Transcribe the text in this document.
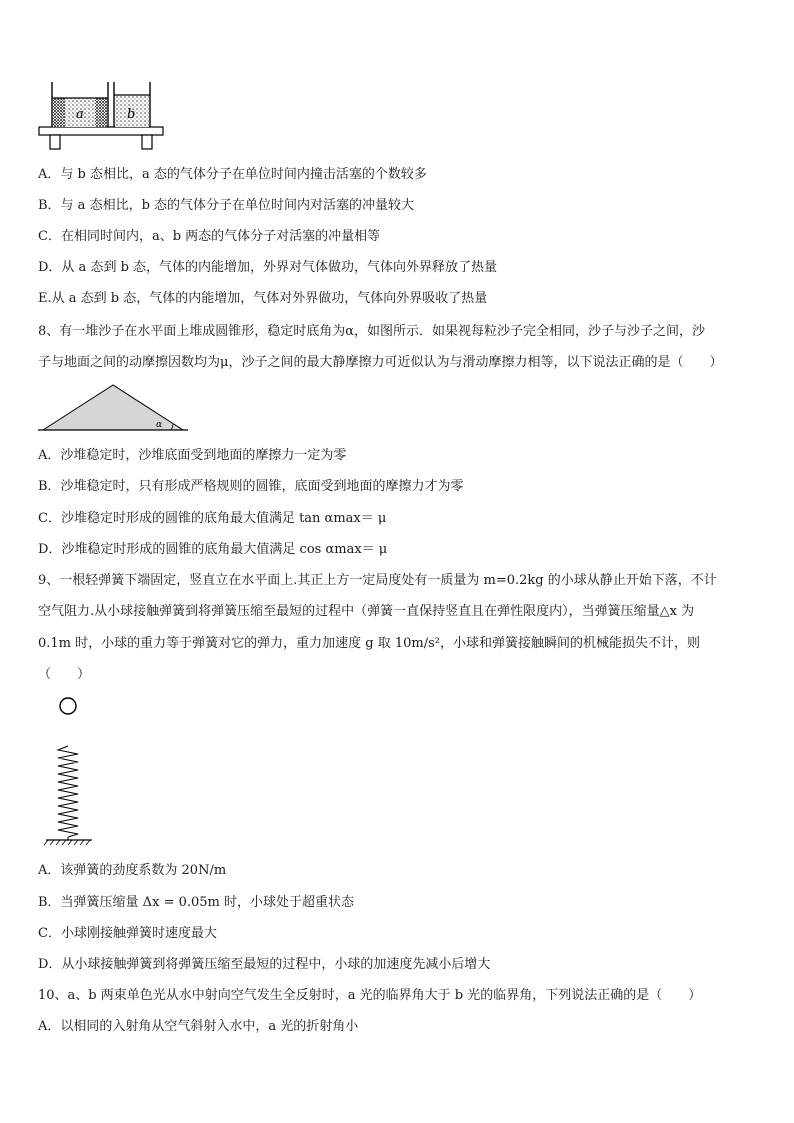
a	b
A．与 b 态相比，a 态的气体分子在单位时间内撞击活塞的个数较多
B．与 a 态相比，b 态的气体分子在单位时间内对活塞的冲量较大
C．在相同时间内，a、b 两态的气体分子对活塞的冲量相等
D．从 a 态到 b 态，气体的内能增加，外界对气体做功，气体向外界释放了热量
E.从 a 态到 b 态，气体的内能增加，气体对外界做功，气体向外界吸收了热量
8、有一堆沙子在水平面上堆成圆锥形，稳定时底角为α，如图所示．如果视每粒沙子完全相同，沙子与沙子之间，沙
子与地面之间的动摩擦因数均为μ，沙子之间的最大静摩擦力可近似认为与滑动摩擦力相等，以下说法正确的是（　　）
α
A．沙堆稳定时，沙堆底面受到地面的摩擦力一定为零
B．沙堆稳定时，只有形成严格规则的圆锥，底面受到地面的摩擦力才为零
C．沙堆稳定时形成的圆锥的底角最大值满足 tan αmax＝ μ
D．沙堆稳定时形成的圆锥的底角最大值满足 cos αmax＝ μ
9、一根轻弹簧下端固定，竖直立在水平面上.其正上方一定局度处有一质量为 m=0.2kg 的小球从静止开始下落，不计
空气阻力.从小球接触弹簧到将弹簧压缩至最短的过程中（弹簧一直保持竖直且在弹性限度内），当弹簧压缩量△x 为
0.1m 时，小球的重力等于弹簧对它的弹力，重力加速度 g 取 10m/s²，小球和弹簧接触瞬间的机械能损失不计，则
（　　）
A．该弹簧的劲度系数为 20N/m
B．当弹簧压缩量 Δx = 0.05m 时，小球处于超重状态
C．小球刚接触弹簧时速度最大
D．从小球接触弹簧到将弹簧压缩至最短的过程中，小球的加速度先减小后增大
10、a、b 两束单色光从水中射向空气发生全反射时，a 光的临界角大于 b 光的临界角，下列说法正确的是（　　）
A．以相同的入射角从空气斜射入水中，a 光的折射角小
